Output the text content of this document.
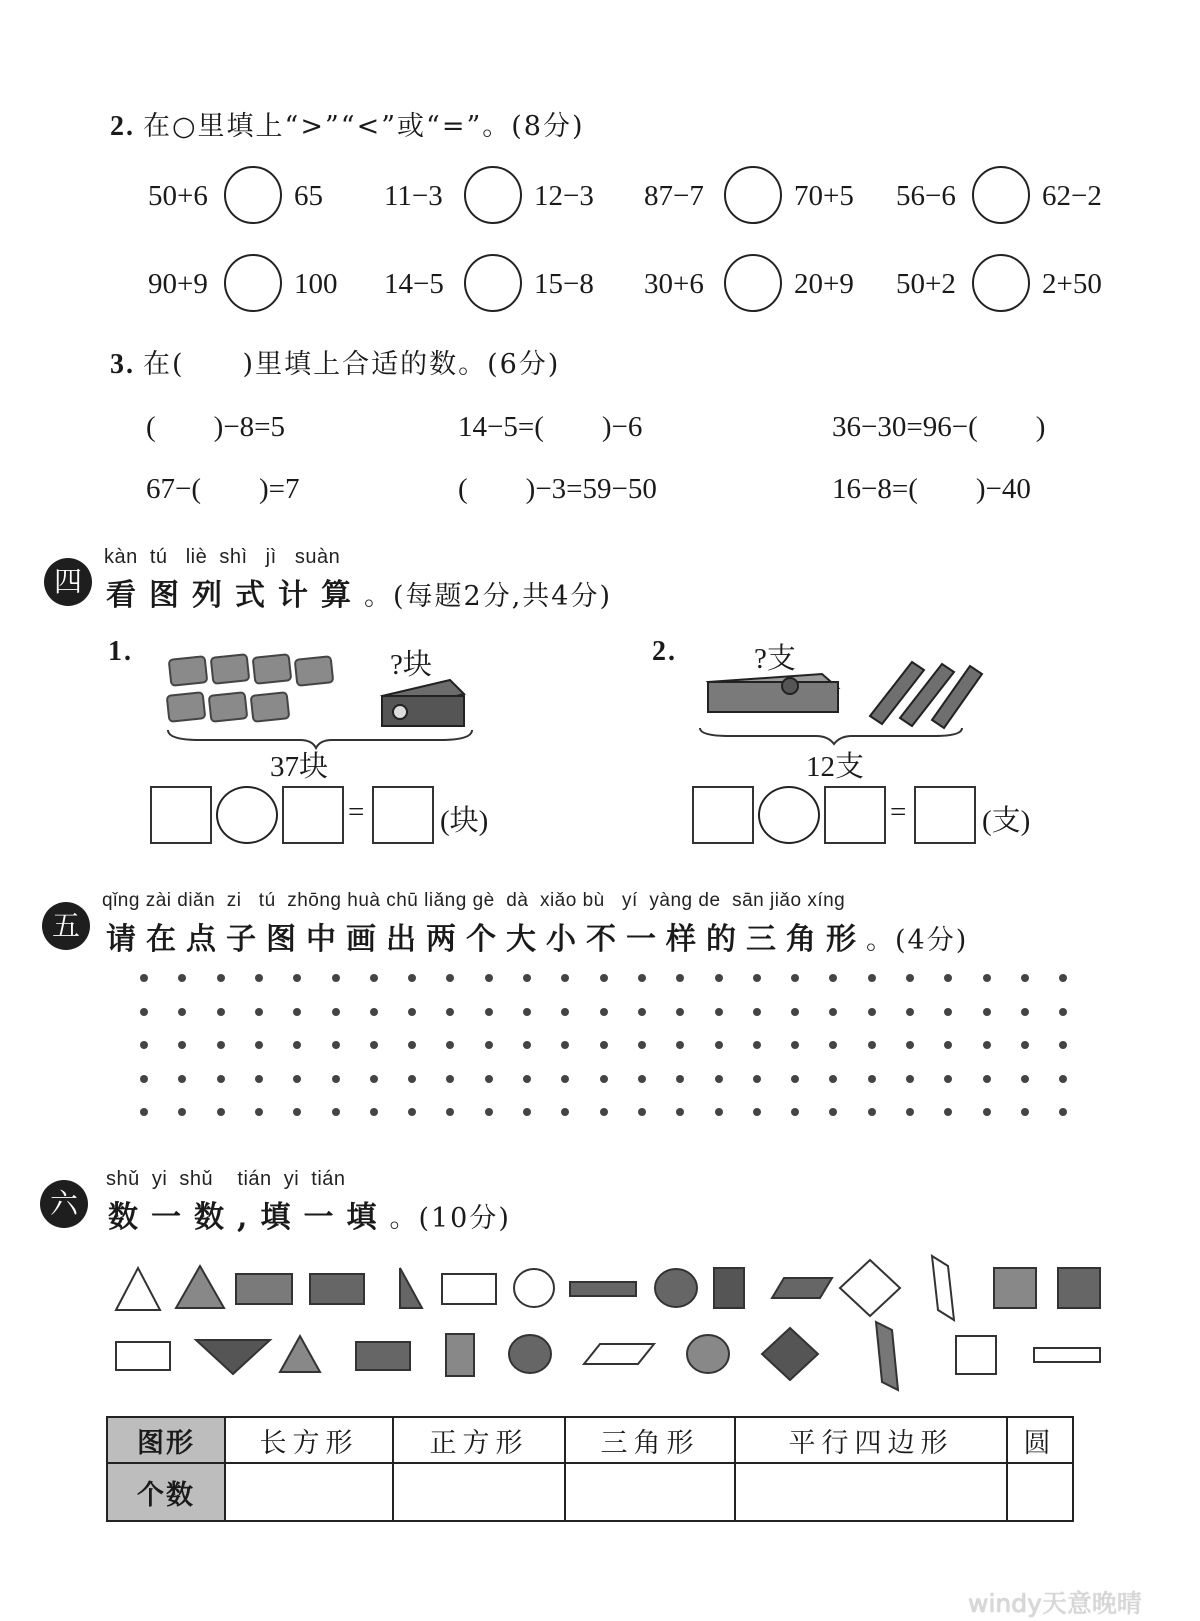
2. 在○里填上“>”“<”或“=”。(8分)
50+6	65 11−3	12−3 87−7	70+5 56−6	62−2
90+9	100 14−5	15−8 30+6	20+9 50+2	2+50
3. 在(　　)里填上合适的数。(6分)
(　　)−8=5	14−5=(　　)−6	36−30=96−(　　)
67−(　　)=7	(　　)−3=59−50	16−8=(　　)−40
kàn  tú   liè  shì   jì   suàn
四 看图列式计算。(每题2分,共4分)
1.	?块
37块
=	(块)
2.	?支
12支
=	(支)
qǐng zài diǎn  zi   tú  zhōng huà chū liǎng gè  dà  xiǎo bù   yí  yàng de  sān jiǎo xíng
五 请在点子图中画出两个大小不一样的三角形。(4分)
shǔ  yi  shǔ    tián  yi  tián
六	数一数,填一填。(10分)
图形	长方形	正方形	三角形	平行四边形	圆
个数					
windy天意晚晴
